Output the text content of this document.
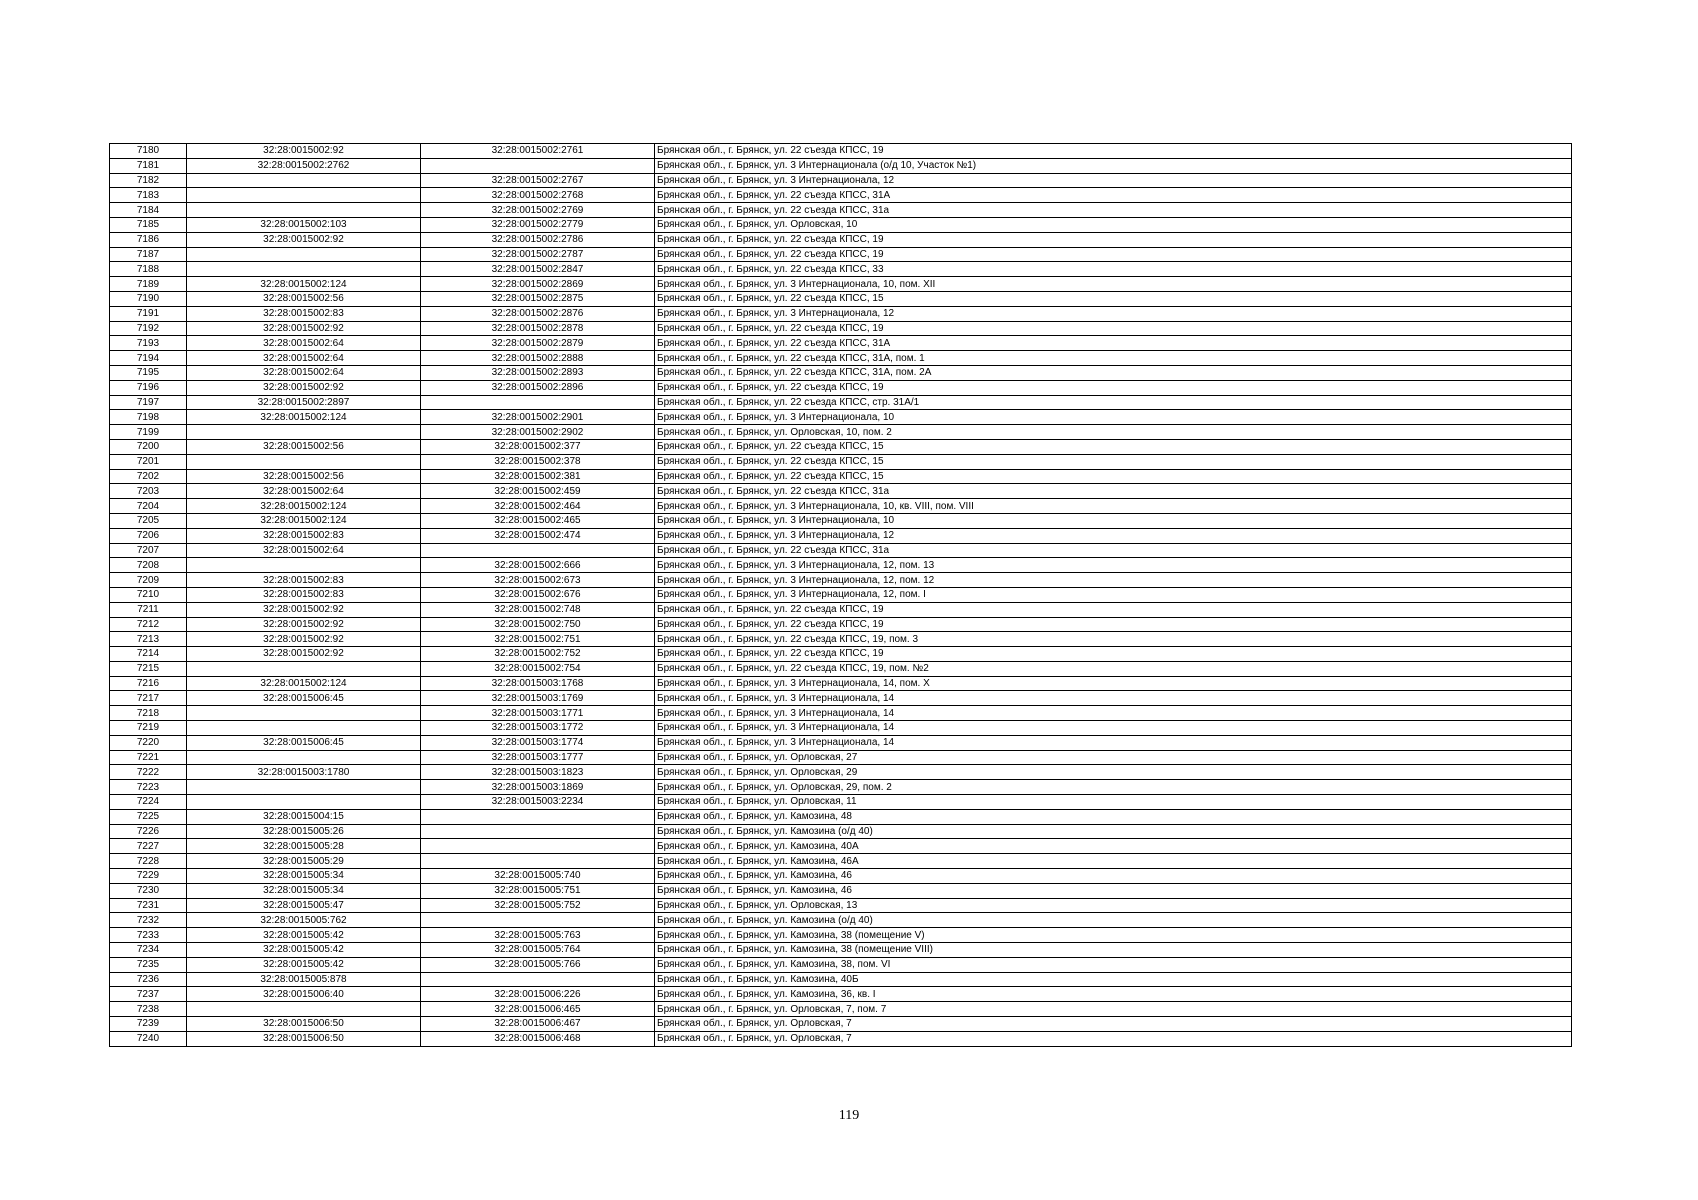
7180	32:28:0015002:92	32:28:0015002:2761	Брянская обл., г. Брянск, ул. 22 съезда КПСС, 19
7181	32:28:0015002:2762		Брянская обл., г. Брянск, ул. 3 Интернационала (о/д 10, Участок №1)
7182		32:28:0015002:2767	Брянская обл., г. Брянск, ул. 3 Интернационала, 12
7183		32:28:0015002:2768	Брянская обл., г. Брянск, ул. 22 съезда КПСС, 31А
7184		32:28:0015002:2769	Брянская обл., г. Брянск, ул. 22 съезда КПСС, 31а
7185	32:28:0015002:103	32:28:0015002:2779	Брянская обл., г. Брянск, ул. Орловская, 10
7186	32:28:0015002:92	32:28:0015002:2786	Брянская обл., г. Брянск, ул. 22 съезда КПСС, 19
7187		32:28:0015002:2787	Брянская обл., г. Брянск, ул. 22 съезда КПСС, 19
7188		32:28:0015002:2847	Брянская обл., г. Брянск, ул. 22 съезда КПСС, 33
7189	32:28:0015002:124	32:28:0015002:2869	Брянская обл., г. Брянск, ул. 3 Интернационала, 10, пом. XII
7190	32:28:0015002:56	32:28:0015002:2875	Брянская обл., г. Брянск, ул. 22 съезда КПСС, 15
7191	32:28:0015002:83	32:28:0015002:2876	Брянская обл., г. Брянск, ул. 3 Интернационала, 12
7192	32:28:0015002:92	32:28:0015002:2878	Брянская обл., г. Брянск, ул. 22 съезда КПСС, 19
7193	32:28:0015002:64	32:28:0015002:2879	Брянская обл., г. Брянск, ул. 22 съезда КПСС, 31А
7194	32:28:0015002:64	32:28:0015002:2888	Брянская обл., г. Брянск, ул. 22 съезда КПСС, 31А, пом. 1
7195	32:28:0015002:64	32:28:0015002:2893	Брянская обл., г. Брянск, ул. 22 съезда КПСС, 31А, пом. 2А
7196	32:28:0015002:92	32:28:0015002:2896	Брянская обл., г. Брянск, ул. 22 съезда КПСС, 19
7197	32:28:0015002:2897		Брянская обл., г. Брянск, ул. 22 съезда КПСС, стр. 31А/1
7198	32:28:0015002:124	32:28:0015002:2901	Брянская обл., г. Брянск, ул. 3 Интернационала, 10
7199		32:28:0015002:2902	Брянская обл., г. Брянск, ул. Орловская, 10, пом. 2
7200	32:28:0015002:56	32:28:0015002:377	Брянская обл., г. Брянск, ул. 22 съезда КПСС, 15
7201		32:28:0015002:378	Брянская обл., г. Брянск, ул. 22 съезда КПСС, 15
7202	32:28:0015002:56	32:28:0015002:381	Брянская обл., г. Брянск, ул. 22 съезда КПСС, 15
7203	32:28:0015002:64	32:28:0015002:459	Брянская обл., г. Брянск, ул. 22 съезда КПСС, 31а
7204	32:28:0015002:124	32:28:0015002:464	Брянская обл., г. Брянск, ул. 3 Интернационала, 10, кв. VIII, пом. VIII
7205	32:28:0015002:124	32:28:0015002:465	Брянская обл., г. Брянск, ул. 3 Интернационала, 10
7206	32:28:0015002:83	32:28:0015002:474	Брянская обл., г. Брянск, ул. 3 Интернационала, 12
7207	32:28:0015002:64		Брянская обл., г. Брянск, ул. 22 съезда КПСС, 31а
7208		32:28:0015002:666	Брянская обл., г. Брянск, ул. 3 Интернационала, 12, пом. 13
7209	32:28:0015002:83	32:28:0015002:673	Брянская обл., г. Брянск, ул. 3 Интернационала, 12, пом. 12
7210	32:28:0015002:83	32:28:0015002:676	Брянская обл., г. Брянск, ул. 3 Интернационала, 12, пом. I
7211	32:28:0015002:92	32:28:0015002:748	Брянская обл., г. Брянск, ул. 22 съезда КПСС, 19
7212	32:28:0015002:92	32:28:0015002:750	Брянская обл., г. Брянск, ул. 22 съезда КПСС, 19
7213	32:28:0015002:92	32:28:0015002:751	Брянская обл., г. Брянск, ул. 22 съезда КПСС, 19, пом. 3
7214	32:28:0015002:92	32:28:0015002:752	Брянская обл., г. Брянск, ул. 22 съезда КПСС, 19
7215		32:28:0015002:754	Брянская обл., г. Брянск, ул. 22 съезда КПСС, 19, пом. №2
7216	32:28:0015002:124	32:28:0015003:1768	Брянская обл., г. Брянск, ул. 3 Интернационала, 14, пом. X
7217	32:28:0015006:45	32:28:0015003:1769	Брянская обл., г. Брянск, ул. 3 Интернационала, 14
7218		32:28:0015003:1771	Брянская обл., г. Брянск, ул. 3 Интернационала, 14
7219		32:28:0015003:1772	Брянская обл., г. Брянск, ул. 3 Интернационала, 14
7220	32:28:0015006:45	32:28:0015003:1774	Брянская обл., г. Брянск, ул. 3 Интернационала, 14
7221		32:28:0015003:1777	Брянская обл., г. Брянск, ул. Орловская, 27
7222	32:28:0015003:1780	32:28:0015003:1823	Брянская обл., г. Брянск, ул. Орловская, 29
7223		32:28:0015003:1869	Брянская обл., г. Брянск, ул. Орловская, 29, пом. 2
7224		32:28:0015003:2234	Брянская обл., г. Брянск, ул. Орловская, 11
7225	32:28:0015004:15		Брянская обл., г. Брянск, ул. Камозина, 48
7226	32:28:0015005:26		Брянская обл., г. Брянск, ул. Камозина (о/д 40)
7227	32:28:0015005:28		Брянская обл., г. Брянск, ул. Камозина, 40А
7228	32:28:0015005:29		Брянская обл., г. Брянск, ул. Камозина, 46А
7229	32:28:0015005:34	32:28:0015005:740	Брянская обл., г. Брянск, ул. Камозина, 46
7230	32:28:0015005:34	32:28:0015005:751	Брянская обл., г. Брянск, ул. Камозина, 46
7231	32:28:0015005:47	32:28:0015005:752	Брянская обл., г. Брянск, ул. Орловская, 13
7232	32:28:0015005:762		Брянская обл., г. Брянск, ул. Камозина (о/д 40)
7233	32:28:0015005:42	32:28:0015005:763	Брянская обл., г. Брянск, ул. Камозина, 38 (помещение V)
7234	32:28:0015005:42	32:28:0015005:764	Брянская обл., г. Брянск, ул. Камозина, 38 (помещение VIII)
7235	32:28:0015005:42	32:28:0015005:766	Брянская обл., г. Брянск, ул. Камозина, 38, пом. VI
7236	32:28:0015005:878		Брянская обл., г. Брянск, ул. Камозина, 40Б
7237	32:28:0015006:40	32:28:0015006:226	Брянская обл., г. Брянск, ул. Камозина, 36, кв. I
7238		32:28:0015006:465	Брянская обл., г. Брянск, ул. Орловская, 7, пом. 7
7239	32:28:0015006:50	32:28:0015006:467	Брянская обл., г. Брянск, ул. Орловская, 7
7240	32:28:0015006:50	32:28:0015006:468	Брянская обл., г. Брянск, ул. Орловская, 7
119
